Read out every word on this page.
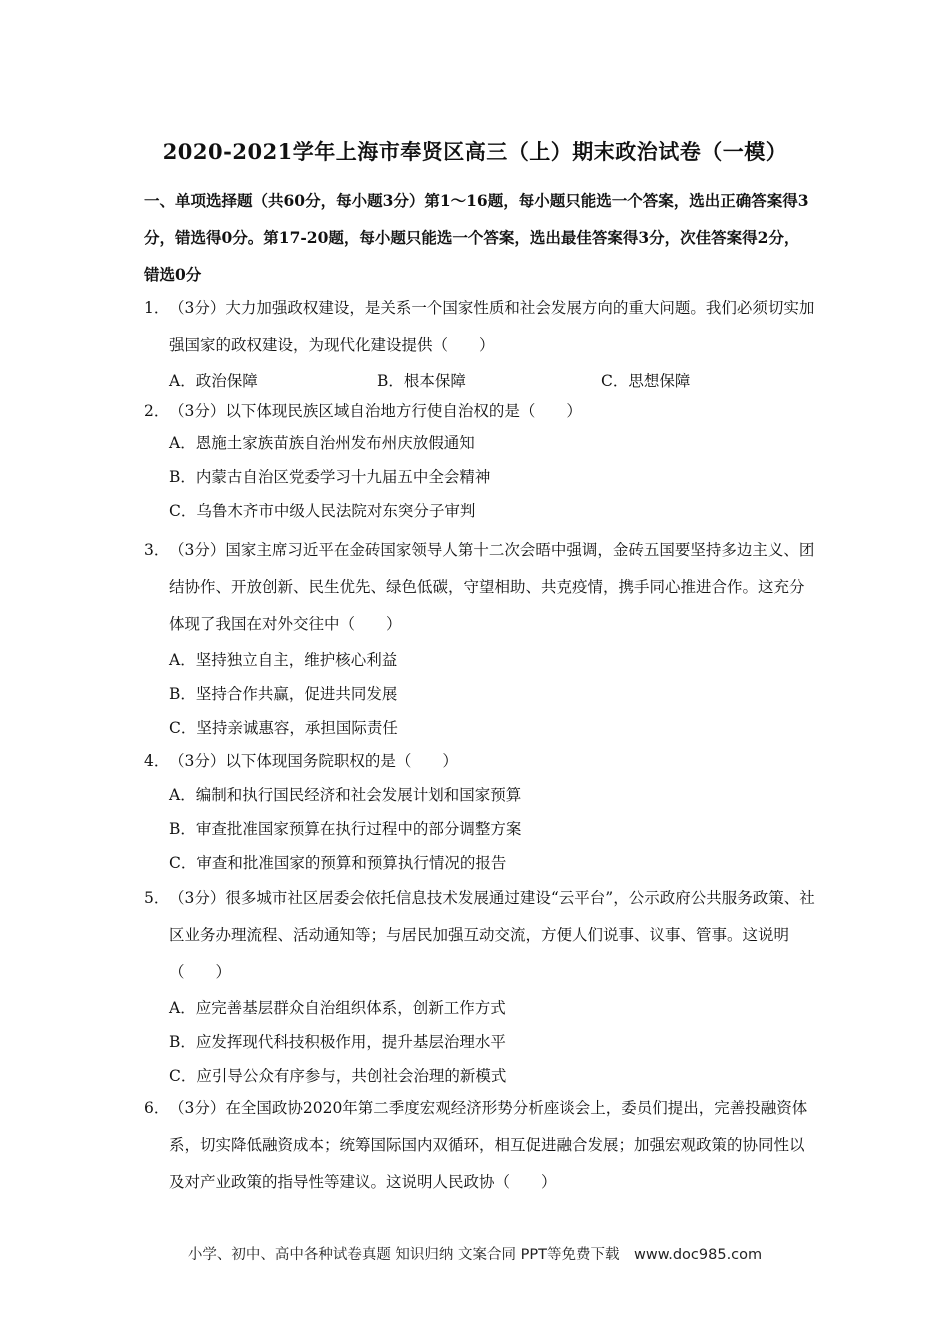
2020-2021学年上海市奉贤区高三（上）期末政治试卷（一模）
一、单项选择题（共60分，每小题3分）第1～16题，每小题只能选一个答案，选出正确答案得3分，错选得0分。第17-20题，每小题只能选一个答案，选出最佳答案得3分，次佳答案得2分，错选0分
1．（3分）大力加强政权建设，是关系一个国家性质和社会发展方向的重大问题。我们必须切实加强国家的政权建设，为现代化建设提供（　　）
A．政治保障	B．根本保障	C．思想保障
2．（3分）以下体现民族区域自治地方行使自治权的是（　　）
A．恩施土家族苗族自治州发布州庆放假通知
B．内蒙古自治区党委学习十九届五中全会精神
C．乌鲁木齐市中级人民法院对东突分子审判
3．（3分）国家主席习近平在金砖国家领导人第十二次会晤中强调，金砖五国要坚持多边主义、团结协作、开放创新、民生优先、绿色低碳，守望相助、共克疫情，携手同心推进合作。这充分体现了我国在对外交往中（　　）
A．坚持独立自主，维护核心利益
B．坚持合作共赢，促进共同发展
C．坚持亲诚惠容，承担国际责任
4．（3分）以下体现国务院职权的是（　　）
A．编制和执行国民经济和社会发展计划和国家预算
B．审查批准国家预算在执行过程中的部分调整方案
C．审查和批准国家的预算和预算执行情况的报告
5．（3分）很多城市社区居委会依托信息技术发展通过建设“云平台”，公示政府公共服务政策、社区业务办理流程、活动通知等；与居民加强互动交流，方便人们说事、议事、管事。这说明（　　）
A．应完善基层群众自治组织体系，创新工作方式
B．应发挥现代科技积极作用，提升基层治理水平
C．应引导公众有序参与，共创社会治理的新模式
6．（3分）在全国政协2020年第二季度宏观经济形势分析座谈会上，委员们提出，完善投融资体系，切实降低融资成本；统筹国际国内双循环，相互促进融合发展；加强宏观政策的协同性以及对产业政策的指导性等建议。这说明人民政协（　　）
小学、初中、高中各种试卷真题 知识归纳 文案合同 PPT等免费下载　www.doc985.com
